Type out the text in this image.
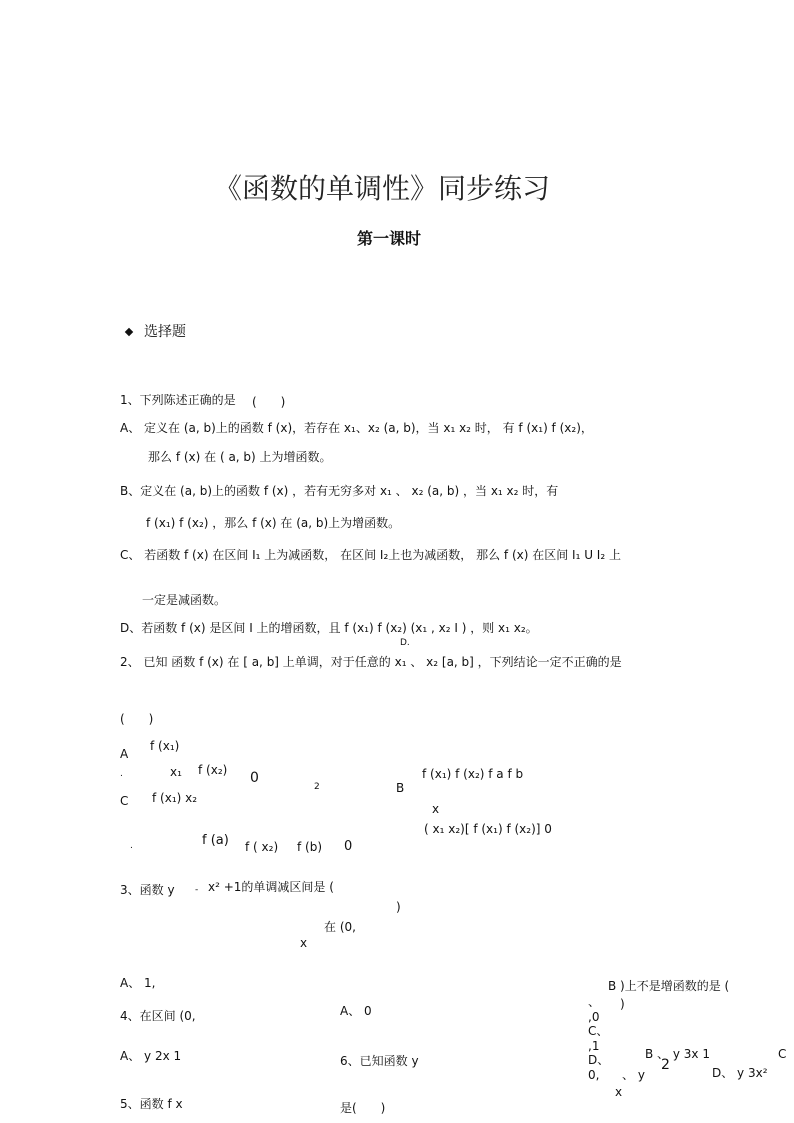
《函数的单调性》同步练习
第一课时
选择题
1、下列陈述正确的是 (　　)
A、 定义在 (a, b)上的函数 f (x)，若存在 x₁、x₂ (a, b)，当 x₁ x₂ 时， 有 f (x₁) f (x₂)，
那么 f (x) 在 ( a, b) 上为增函数。
B、定义在 (a, b)上的函数 f (x) ，若有无穷多对 x₁ 、 x₂ (a, b) ，当 x₁ x₂ 时，有
f (x₁) f (x₂) ，那么 f (x) 在 (a, b)上为增函数。
C、 若函数 f (x) 在区间 I₁ 上为减函数， 在区间 I₂上也为减函数， 那么 f (x) 在区间 I₁ U I₂ 上
一定是减函数。
D、若函数 f (x) 是区间 I 上的增函数，且 f (x₁) f (x₂) (x₁ , x₂ I ) ，则 x₁ x₂。
D.
2、 已知 函数 f (x) 在 [ a, b] 上单调，对于任意的 x₁ 、 x₂ [a, b] ，下列结论一定不正确的是
(　　)
A
f (x₁)
x₁ f (x₂) 0
2
.	f (x₁) f (x₂) f a f b
B
x
( x₁ x₂)[ f (x₁) f (x₂)] 0
C f (x₁) x₂
.	f (a) f ( x₂) f (b) 0
3、函数 y - x² +1的单调减区间是 (
)
在 (0,
x
A、 1,
4、在区间 (0,
A、 y 2x 1
5、函数 f x
A、 0
6、已知函数 y
是(　　)
B )上不是增函数的是 (
)
、
,0
C、
,1
D、
0,
B 、 y 3x 1	C
2
、 y	D、 y 3x²
x
